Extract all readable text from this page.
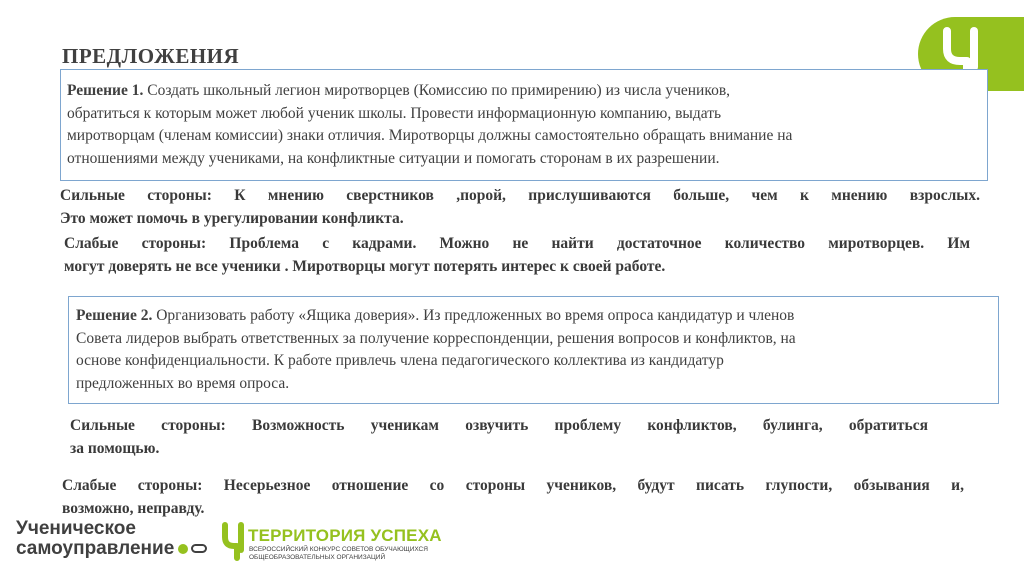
ПРЕДЛОЖЕНИЯ
Решение 1. Создать школьный легион миротворцев (Комиссию по примирению) из числа учеников,
обратиться к которым может любой ученик школы. Провести информационную компанию, выдать
миротворцам (членам комиссии) знаки отличия. Миротворцы должны самостоятельно обращать внимание на
отношениями между учениками, на конфликтные ситуации и помогать сторонам в их разрешении.
Сильные стороны: К мнению сверстников ,порой, прислушиваются больше, чем к мнению взрослых.
Это может помочь в урегулировании конфликта.
Слабые стороны: Проблема с кадрами. Можно не найти достаточное количество миротворцев. Им
могут доверять не все ученики . Миротворцы могут потерять интерес к своей работе.
Решение 2. Организовать работу «Ящика доверия». Из предложенных во время опроса кандидатур и членов
Совета лидеров выбрать ответственных за получение корреспонденции, решения вопросов и конфликтов, на
основе конфиденциальности. К работе привлечь члена педагогического коллектива из кандидатур
предложенных во время опроса.
Сильные стороны: Возможность ученикам озвучить проблему конфликтов, булинга, обратиться
за помощью.
Слабые стороны: Несерьезное отношение со стороны учеников, будут писать глупости, обзывания и,
возможно, неправду.
Ученическое
самоуправление
ТЕРРИТОРИЯ УСПЕХА
ВСЕРОССИЙСКИЙ КОНКУРС СОВЕТОВ ОБУЧАЮЩИХСЯ
ОБЩЕОБРАЗОВАТЕЛЬНЫХ ОРГАНИЗАЦИЙ
